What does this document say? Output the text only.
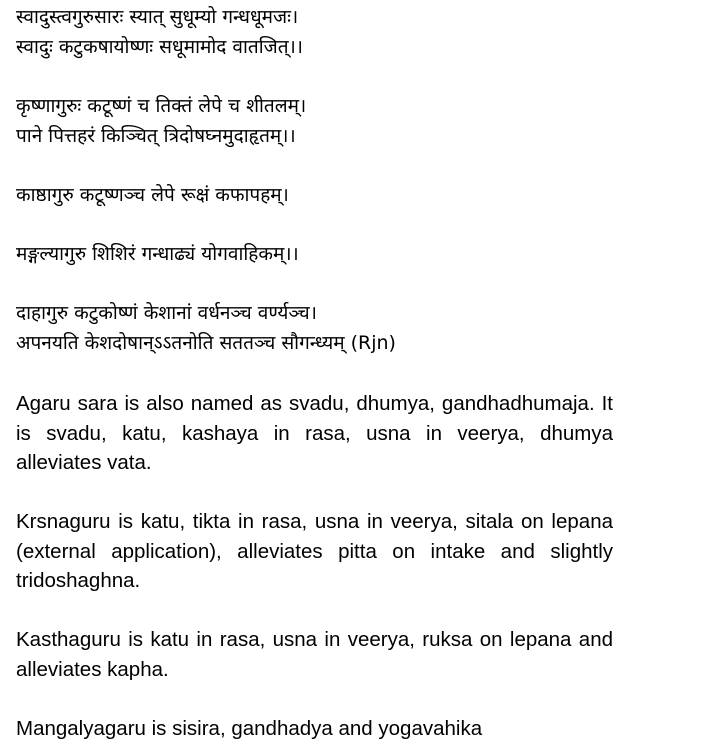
स्वादुस्त्वगुरुसारः स्यात् सुधूम्यो गन्धधूमजः।
स्वादुः कटुकषायोष्णः सधूमामोद वातजित्।।
कृष्णागुरुः कटूष्णं च तिक्तं लेपे च शीतलम्।
पाने पित्तहरं किञ्चित् त्रिदोषघ्नमुदाहृतम्।।
काष्ठागुरु कटूष्णञ्च लेपे रूक्षं कफापहम्।
मङ्गल्यागुरु शिशिरं गन्धाढ्यं योगवाहिकम्।।
दाहागुरु कटुकोष्णं केशानां वर्धनञ्च वर्ण्यञ्च।
अपनयति केशदोषान्ऽऽतनोति सततञ्च सौगन्ध्यम् (Rjn)

Agaru sara is also named as svadu, dhumya, gandhadhumaja. It is svadu, katu, kashaya in rasa, usna in veerya, dhumya alleviates vata.

Krsnaguru is katu, tikta in rasa, usna in veerya, sitala on lepana (external application), alleviates pitta on intake and slightly tridoshaghna.

Kasthaguru is katu in rasa, usna in veerya, ruksa on lepana and alleviates kapha.

Mangalyagaru is sisira, gandhadya and yogavahika
